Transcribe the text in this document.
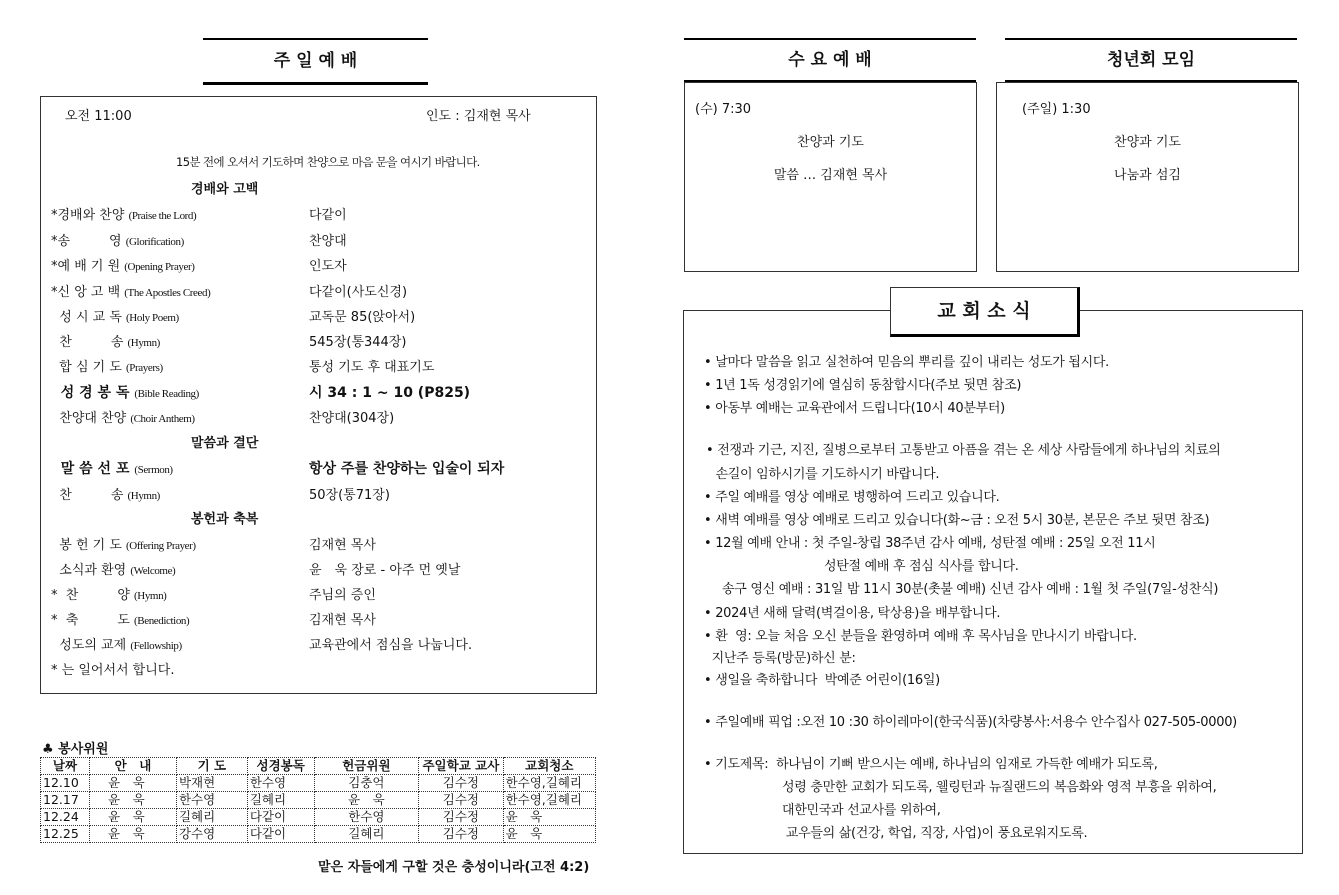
주 일 예 배
오전 11:00	인도 : 김재현 목사
15분 전에 오셔서 기도하며 찬양으로 마음 문을 여시기 바랍니다.
경배와 고백
말씀과 결단
봉헌과 축복
* 는 일어서서 합니다.
*경배와 찬양 (Praise the Lord)	다같이
*송　　　영 (Glorification)	찬양대
*예 배 기 원 (Opening Prayer)	인도자
*신 앙 고 백 (The Apostles Creed)	다같이(사도신경)
성 시 교 독 (Holy Poem)	교독문 85(앉아서)
찬　　　송 (Hymn)	545장(통344장)
합 심 기 도 (Prayers)	통성 기도 후 대표기도
성 경 봉 독 (Bible Reading)	시 34 : 1 ~ 10 (P825)
찬양대 찬양 (Choir Anthem)	찬양대(304장)
말 씀 선 포 (Sermon)	항상 주를 찬양하는 입술이 되자
찬　　　송 (Hymn)	50장(통71장)
봉 헌 기 도 (Offering Prayer)	김재현 목사
소식과 환영 (Welcome)	윤　욱 장로 - 아주 먼 옛날
*  찬　　　양 (Hymn)	주님의 증인
*  축　　　도 (Benediction)	김재현 목사
성도의 교제 (Fellowship)	교육관에서 점심을 나눕니다.
♣ 봉사위원
날짜	안　내	기 도	성경봉독	헌금위원	주일학교 교사	교회청소
12.10	윤　욱	박재현	한수영	김충억	김수정	한수영,길혜리
12.17	윤　욱	한수영	길혜리	윤　욱	김수정	한수영,길혜리
12.24	윤　욱	길혜리	다같이	한수영	김수정	윤　욱
12.25	윤　욱	강수영	다같이	길혜리	김수정	윤　욱
맡은 자들에게 구할 것은 충성이니라(고전 4:2)
수 요 예 배
(수) 7:30
찬양과 기도
말씀 … 김재현 목사
청년회 모임
(주일) 1:30
찬양과 기도
나눔과 섬김
• 날마다 말씀을 읽고 실천하여 믿음의 뿌리를 깊이 내리는 성도가 됩시다.
• 1년 1독 성경읽기에 열심히 동참합시다(주보 뒷면 참조)
• 아동부 예배는 교육관에서 드립니다(10시 40분부터)
• 전쟁과 기근, 지진, 질병으로부터 고통받고 아픔을 겪는 온 세상 사람들에게 하나님의 치료의
손길이 임하시기를 기도하시기 바랍니다.
• 주일 예배를 영상 예배로 병행하여 드리고 있습니다.
• 새벽 예배를 영상 예배로 드리고 있습니다(화~금 : 오전 5시 30분, 본문은 주보 뒷면 참조)
• 12월 예배 안내 : 첫 주일-창립 38주년 감사 예배, 성탄절 예배 : 25일 오전 11시
성탄절 예배 후 점심 식사를 합니다.
송구 영신 예배 : 31일 밤 11시 30분(촛불 예배) 신년 감사 예배 : 1월 첫 주일(7일-성찬식)
• 2024년 새해 달력(벽걸이용, 탁상용)을 배부합니다.
• 환  영: 오늘 처음 오신 분들을 환영하며 예배 후 목사님을 만나시기 바랍니다.
지난주 등록(방문)하신 분:
• 생일을 축하합니다  박예준 어린이(16일)
• 주일예배 픽업 :오전 10 :30 하이레마이(한국식품)(차량봉사:서용수 안수집사 027-505-0000)
• 기도제목:  하나님이 기뻐 받으시는 예배, 하나님의 임재로 가득한 예배가 되도록,
성령 충만한 교회가 되도록, 웰링턴과 뉴질랜드의 복음화와 영적 부흥을 위하여,
대한민국과 선교사를 위하여,
교우들의 삶(건강, 학업, 직장, 사업)이 풍요로워지도록.
교 회 소 식
